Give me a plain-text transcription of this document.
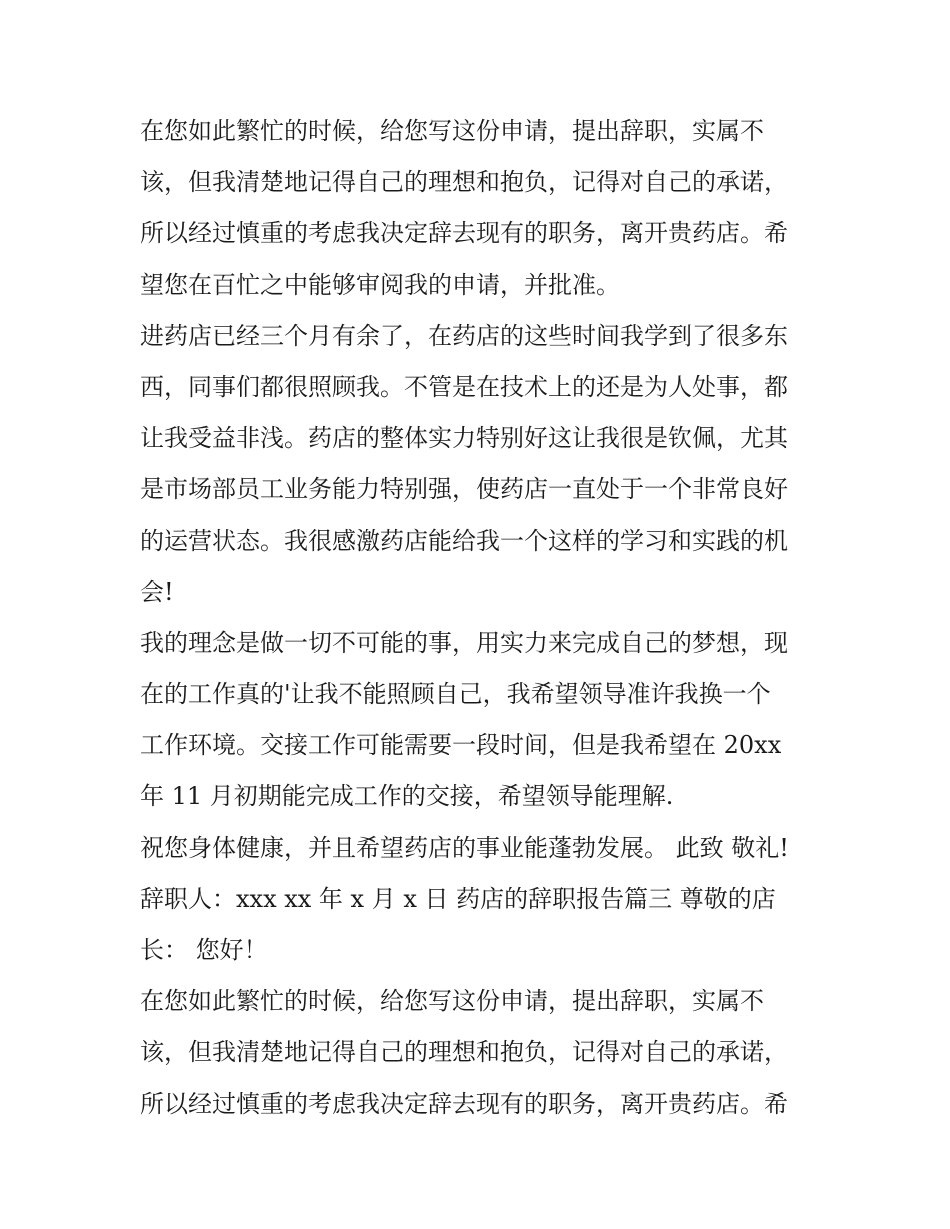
在您如此繁忙的时候，给您写这份申请，提出辞职，实属不
该，但我清楚地记得自己的理想和抱负，记得对自己的承诺，
所以经过慎重的考虑我决定辞去现有的职务，离开贵药店。希
望您在百忙之中能够审阅我的申请，并批准。
进药店已经三个月有余了，在药店的这些时间我学到了很多东
西，同事们都很照顾我。不管是在技术上的还是为人处事，都
让我受益非浅。药店的整体实力特别好这让我很是钦佩，尤其
是市场部员工业务能力特别强，使药店一直处于一个非常良好
的运营状态。我很感激药店能给我一个这样的学习和实践的机
会!
我的理念是做一切不可能的事，用实力来完成自己的梦想，现
在的工作真的'让我不能照顾自己，我希望领导准许我换一个
工作环境。交接工作可能需要一段时间，但是我希望在 20xx
年 11 月初期能完成工作的交接，希望领导能理解.
祝您身体健康，并且希望药店的事业能蓬勃发展。 此致 敬礼!
辞职人：xxx xx 年 x 月 x 日 药店的辞职报告篇三 尊敬的店
长： 您好！
在您如此繁忙的时候，给您写这份申请，提出辞职，实属不
该，但我清楚地记得自己的理想和抱负，记得对自己的承诺，
所以经过慎重的考虑我决定辞去现有的职务，离开贵药店。希
